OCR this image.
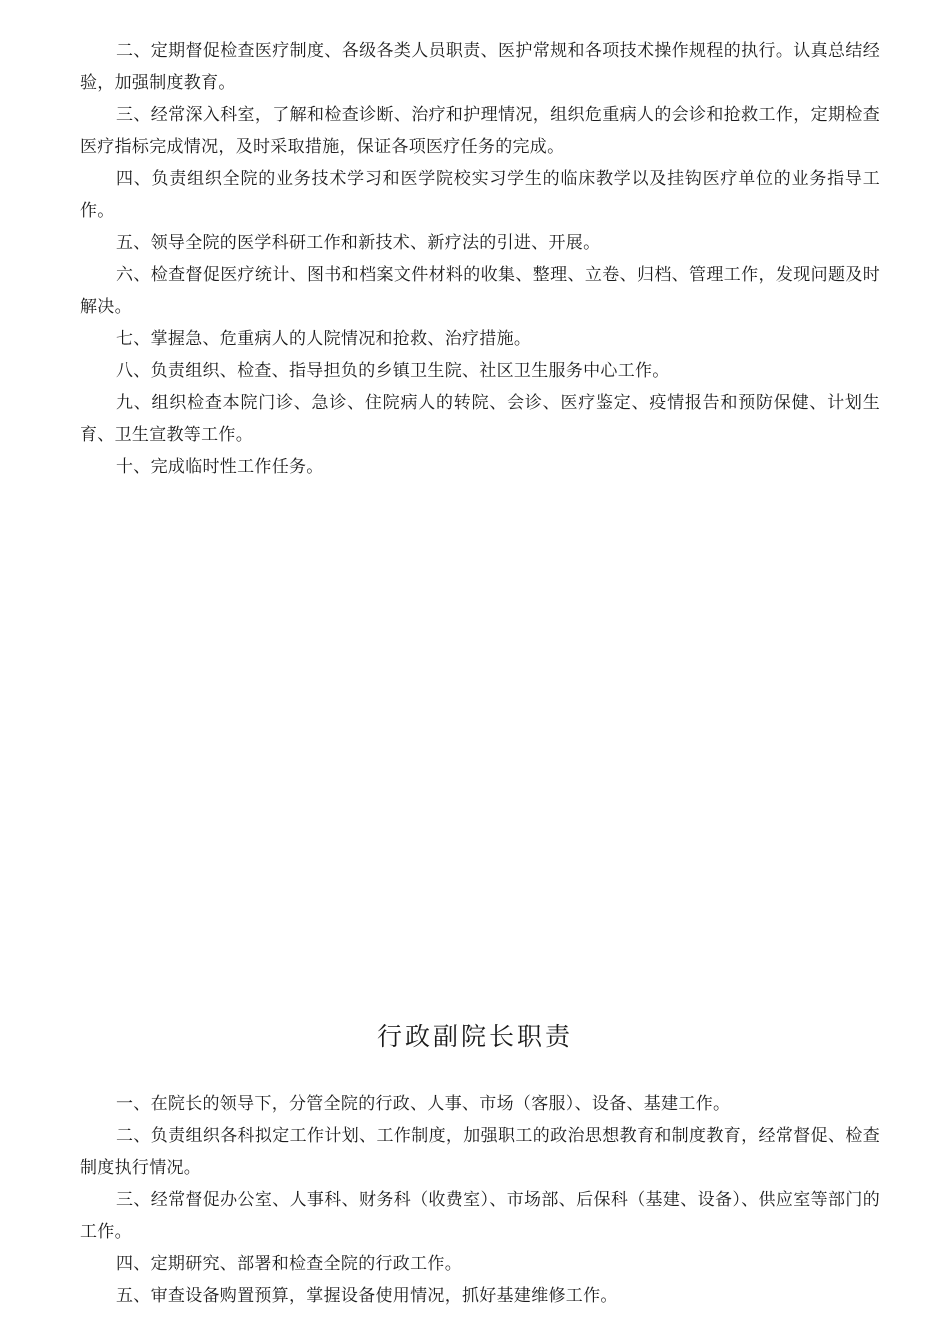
二、定期督促检查医疗制度、各级各类人员职责、医护常规和各项技术操作规程的执行。认真总结经验，加强制度教育。

三、经常深入科室，了解和检查诊断、治疗和护理情况，组织危重病人的会诊和抢救工作，定期检查医疗指标完成情况，及时采取措施，保证各项医疗任务的完成。

四、负责组织全院的业务技术学习和医学院校实习学生的临床教学以及挂钩医疗单位的业务指导工作。

五、领导全院的医学科研工作和新技术、新疗法的引进、开展。

六、检查督促医疗统计、图书和档案文件材料的收集、整理、立卷、归档、管理工作，发现问题及时解决。

七、掌握急、危重病人的人院情况和抢救、治疗措施。

八、负责组织、检查、指导担负的乡镇卫生院、社区卫生服务中心工作。

九、组织检查本院门诊、急诊、住院病人的转院、会诊、医疗鉴定、疫情报告和预防保健、计划生育、卫生宣教等工作。

十、完成临时性工作任务。

行政副院长职责

一、在院长的领导下，分管全院的行政、人事、市场（客服）、设备、基建工作。

二、负责组织各科拟定工作计划、工作制度，加强职工的政治思想教育和制度教育，经常督促、检查制度执行情况。

三、经常督促办公室、人事科、财务科（收费室）、市场部、后保科（基建、设备）、供应室等部门的工作。

四、定期研究、部署和检查全院的行政工作。

五、审查设备购置预算，掌握设备使用情况，抓好基建维修工作。
